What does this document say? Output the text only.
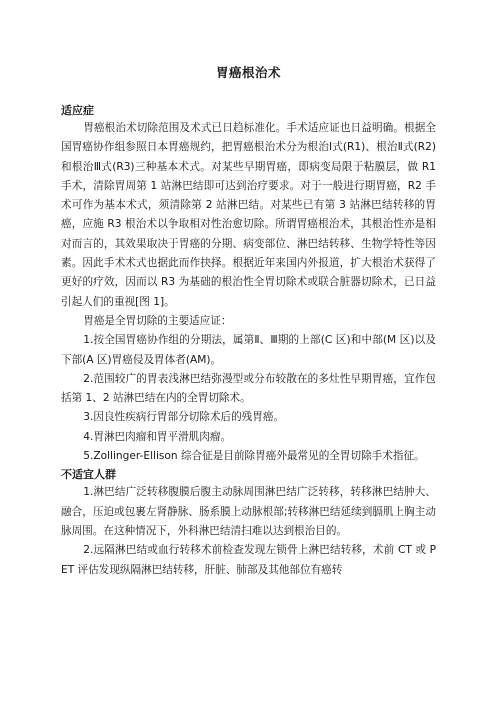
胃癌根治术
适应症

胃癌根治术切除范围及术式已日趋标准化。手术适应证也日益明确。根据全国胃癌协作组参照日本胃癌规约，把胃癌根治术分为根治Ⅰ式(R1)、根治Ⅱ式(R2)和根治Ⅲ式(R3)三种基本术式。对某些早期胃癌，即病变局限于粘膜层，做 R1 手术，清除胃周第 1 站淋巴结即可达到治疗要求。对于一般进行期胃癌，R2 手术可作为基本术式，须清除第 2 站淋巴结。对某些已有第 3 站淋巴结转移的胃癌，应施 R3 根治术以争取相对性治愈切除。所谓胃癌根治术，其根治性亦是相对而言的，其效果取决于胃癌的分期、病变部位、淋巴结转移、生物学特性等因素。因此手术术式也据此而作抉择。根据近年来国内外报道，扩大根治术获得了更好的疗效，因而以 R3 为基础的根治性全胃切除术或联合脏器切除术，已日益引起人们的重视[图 1]。

胃癌是全胃切除的主要适应证：

1.按全国胃癌协作组的分期法，属第Ⅱ、Ⅲ期的上部(C 区)和中部(M 区)以及下部(A 区)胃癌侵及胃体者(AM)。

2.范围较广的胃表浅淋巴结弥漫型或分布较散在的多灶性早期胃癌，宜作包括第 1、2 站淋巴结在内的全胃切除术。

3.因良性疾病行胃部分切除术后的残胃癌。

4.胃淋巴肉瘤和胃平滑肌肉瘤。

5.Zollinger-Ellison 综合征是目前除胃癌外最常见的全胃切除手术指征。

不适宜人群

1.淋巴结广泛转移腹膜后腹主动脉周围淋巴结广泛转移，转移淋巴结肿大、融合，压迫或包裹左肾静脉、肠系膜上动脉根部;转移淋巴结延续到膈肌上胸主动脉周围。在这种情况下，外科淋巴结清扫难以达到根治目的。

2.远隔淋巴结或血行转移术前检查发现左锁骨上淋巴结转移，术前 CT 或 PET 评估发现纵隔淋巴结转移，肝脏、肺部及其他部位有癌转
